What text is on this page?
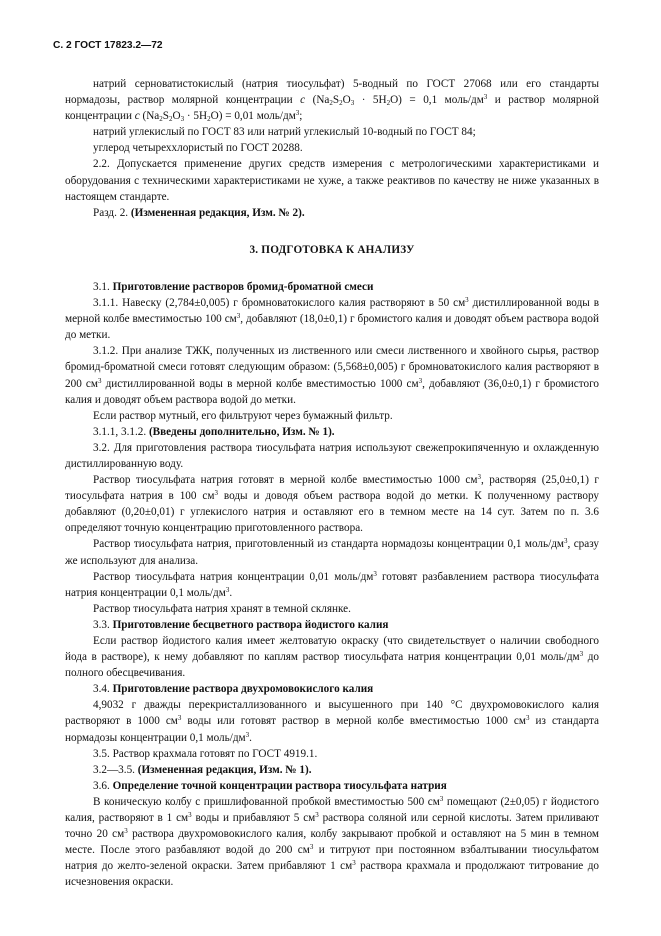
С. 2 ГОСТ 17823.2—72

натрий серноватистокислый (натрия тиосульфат) 5-водный по ГОСТ 27068 или его стандарты нормадозы, раствор молярной концентрации c $(Na_2S_2O_3 \cdot 5H_2O) = 0,1$ моль/$дм^3$ и раствор молярной концентрации c $(Na_2S_2O_3 \cdot 5H_2O) = 0,01$ моль/$дм^3$;

натрий углекислый по ГОСТ 83 или натрий углекислый 10-водный по ГОСТ 84;

углерод четыреххлористый по ГОСТ 20288.

2.2. Допускается применение других средств измерения с метрологическими характеристиками и оборудования с техническими характеристиками не хуже, а также реактивов по качеству не ниже указанных в настоящем стандарте.

Разд. 2. (Измененная редакция, Изм. № 2).

3. ПОДГОТОВКА К АНАЛИЗУ

3.1. Приготовление растворов бромид-броматной смеси

3.1.1. Навеску (2,784±0,005) г бромноватокислого калия растворяют в 50 $см^3$ дистиллированной воды в мерной колбе вместимостью 100 $см^3$, добавляют (18,0±0,1) г бромистого калия и доводят объем раствора водой до метки.

3.1.2. При анализе ТЖК, полученных из лиственного или смеси лиственного и хвойного сырья, раствор бромид-броматной смеси готовят следующим образом: (5,568±0,005) г бромноватокислого калия растворяют в 200 $см^3$ дистиллированной воды в мерной колбе вместимостью 1000 $см^3$, добавляют (36,0±0,1) г бромистого калия и доводят объем раствора водой до метки.

Если раствор мутный, его фильтруют через бумажный фильтр.

3.1.1, 3.1.2. (Введены дополнительно, Изм. № 1).

3.2. Для приготовления раствора тиосульфата натрия используют свежепрокипяченную и охлажденную дистиллированную воду.

Раствор тиосульфата натрия готовят в мерной колбе вместимостью 1000 $см^3$, растворяя (25,0±0,1) г тиосульфата натрия в 100 $см^3$ воды и доводя объем раствора водой до метки. К полученному раствору добавляют (0,20±0,01) г углекислого натрия и оставляют его в темном месте на 14 сут. Затем по п. 3.6 определяют точную концентрацию приготовленного раствора.

Раствор тиосульфата натрия, приготовленный из стандарта нормадозы концентрации 0,1 моль/$дм^3$, сразу же используют для анализа.

Раствор тиосульфата натрия концентрации 0,01 моль/$дм^3$ готовят разбавлением раствора тиосульфата натрия концентрации 0,1 моль/$дм^3$.

Раствор тиосульфата натрия хранят в темной склянке.

3.3. Приготовление бесцветного раствора йодистого калия

Если раствор йодистого калия имеет желтоватую окраску (что свидетельствует о наличии свободного йода в растворе), к нему добавляют по каплям раствор тиосульфата натрия концентрации 0,01 моль/$дм^3$ до полного обесцвечивания.

3.4. Приготовление раствора двухромовокислого калия

4,9032 г дважды перекристаллизованного и высушенного при 140 °С двухромовокислого калия растворяют в 1000 $см^3$ воды или готовят раствор в мерной колбе вместимостью 1000 $см^3$ из стандарта нормадозы концентрации 0,1 моль/$дм^3$.

3.5. Раствор крахмала готовят по ГОСТ 4919.1.

3.2—3.5. (Измененная редакция, Изм. № 1).

3.6. Определение точной концентрации раствора тиосульфата натрия

В коническую колбу с пришлифованной пробкой вместимостью 500 $см^3$ помещают (2±0,05) г йодистого калия, растворяют в 1 $см^3$ воды и прибавляют 5 $см^3$ раствора соляной или серной кислоты. Затем приливают точно 20 $см^3$ раствора двухромовокислого калия, колбу закрывают пробкой и оставляют на 5 мин в темном месте. После этого разбавляют водой до 200 $см^3$ и титруют при постоянном взбалтывании тиосульфатом натрия до желто-зеленой окраски. Затем прибавляют 1 $см^3$ раствора крахмала и продолжают титрование до исчезновения окраски.
